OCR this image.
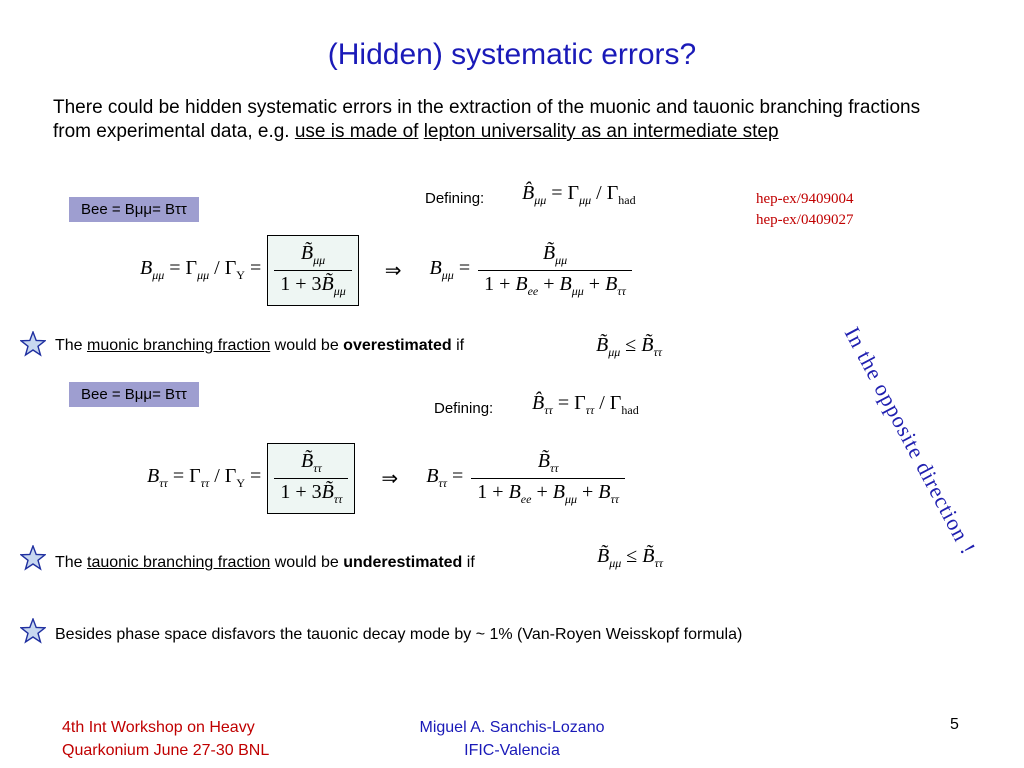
(Hidden) systematic errors?
There could be hidden systematic errors in the extraction of the muonic and tauonic branching fractions from experimental data, e.g. use is made of lepton universality as an intermediate step
Bee = Bμμ= Bττ
Defining: $B̂_{\mu\mu} = \Gamma_{\mu\mu} / \Gamma_{had}$	hep-ex/9409004
hep-ex/0409027
$B_{\mu\mu} = \Gamma_{\mu\mu} / \Gamma_\Upsilon = \frac{B̃_{\mu\mu}}{1 + 3B̃_{\mu\mu}}$ ⇒ $B_{\mu\mu} = \frac{B̃_{\mu\mu}}{1 + B_{ee} + B_{\mu\mu} + B_{\tau\tau}}$
The muonic branching fraction would be overestimated if	$B̃_{\mu\mu}$ ≤ $B̃_{\tau\tau}$
Bee = Bμμ= Bττ
Defining: $B̂_{\tau\tau} = \Gamma_{\tau\tau} / \Gamma_{had}$
$B_{\tau\tau} = \Gamma_{\tau\tau} / \Gamma_\Upsilon = \frac{B̃_{\tau\tau}}{1 + 3B̃_{\tau\tau}}$ ⇒ $B_{\tau\tau} = \frac{B̃_{\tau\tau}}{1 + B_{ee} + B_{\mu\mu} + B_{\tau\tau}}$
The tauonic branching fraction would be underestimated if	$B̃_{\mu\mu}$ ≤ $B̃_{\tau\tau}$
Besides phase space disfavors the tauonic decay mode by ~ 1% (Van-Royen Weisskopf formula)
In the opposite direction !
4th Int Workshop on Heavy
Quarkonium June 27-30 BNL
Miguel A. Sanchis-Lozano
IFIC-Valencia
5
